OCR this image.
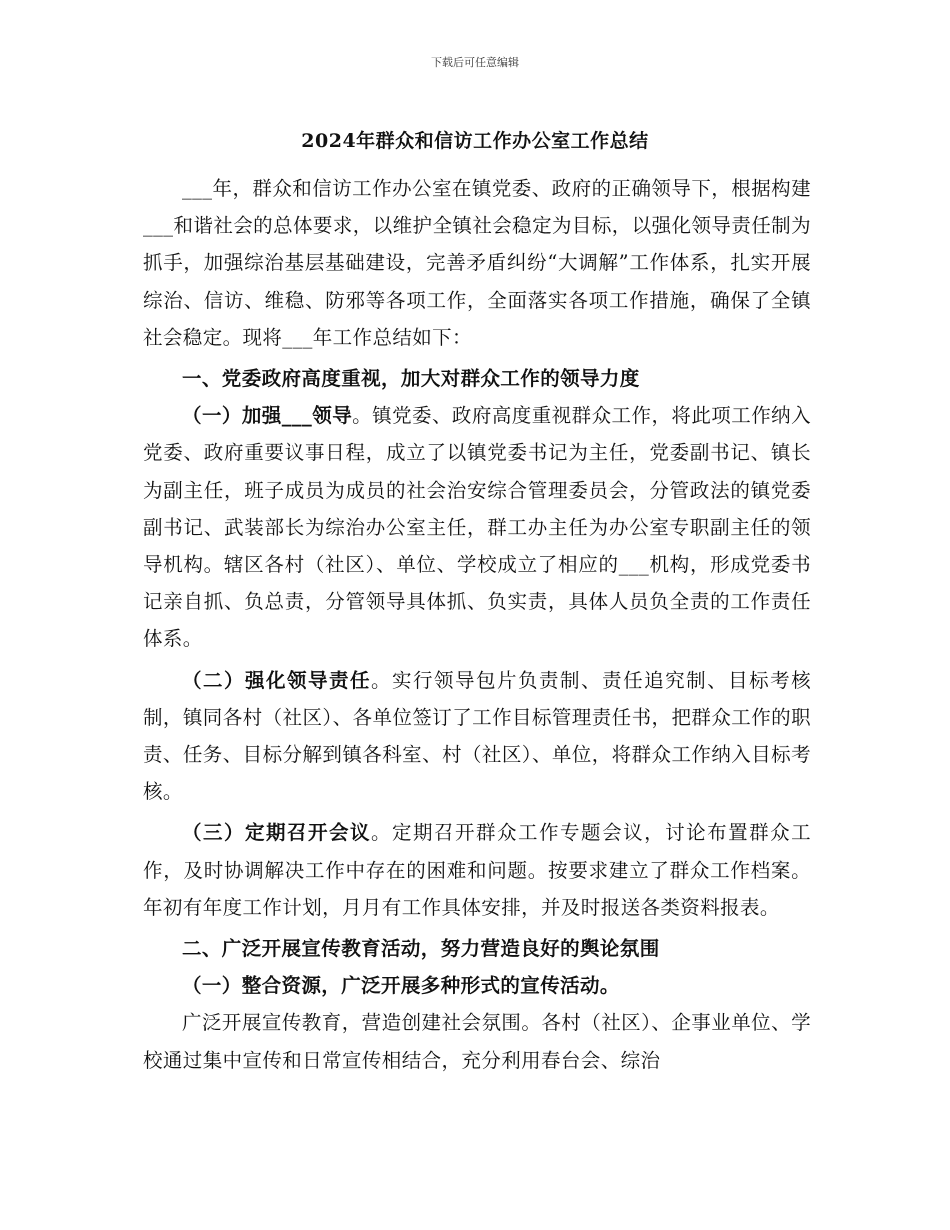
下载后可任意编辑
2024年群众和信访工作办公室工作总结

___年，群众和信访工作办公室在镇党委、政府的正确领导下，根据构建___和谐社会的总体要求，以维护全镇社会稳定为目标，以强化领导责任制为抓手，加强综治基层基础建设，完善矛盾纠纷“大调解”工作体系，扎实开展综治、信访、维稳、防邪等各项工作，全面落实各项工作措施，确保了全镇社会稳定。现将___年工作总结如下：

一、党委政府高度重视，加大对群众工作的领导力度

（一）加强___领导。镇党委、政府高度重视群众工作，将此项工作纳入党委、政府重要议事日程，成立了以镇党委书记为主任，党委副书记、镇长为副主任，班子成员为成员的社会治安综合管理委员会，分管政法的镇党委副书记、武装部长为综治办公室主任，群工办主任为办公室专职副主任的领导机构。辖区各村（社区）、单位、学校成立了相应的___机构，形成党委书记亲自抓、负总责，分管领导具体抓、负实责，具体人员负全责的工作责任体系。

（二）强化领导责任。实行领导包片负责制、责任追究制、目标考核制，镇同各村（社区）、各单位签订了工作目标管理责任书，把群众工作的职责、任务、目标分解到镇各科室、村（社区）、单位，将群众工作纳入目标考核。

（三）定期召开会议。定期召开群众工作专题会议，讨论布置群众工作，及时协调解决工作中存在的困难和问题。按要求建立了群众工作档案。年初有年度工作计划，月月有工作具体安排，并及时报送各类资料报表。

二、广泛开展宣传教育活动，努力营造良好的舆论氛围

（一）整合资源，广泛开展多种形式的宣传活动。

广泛开展宣传教育，营造创建社会氛围。各村（社区）、企事业单位、学校通过集中宣传和日常宣传相结合，充分利用春台会、综治
